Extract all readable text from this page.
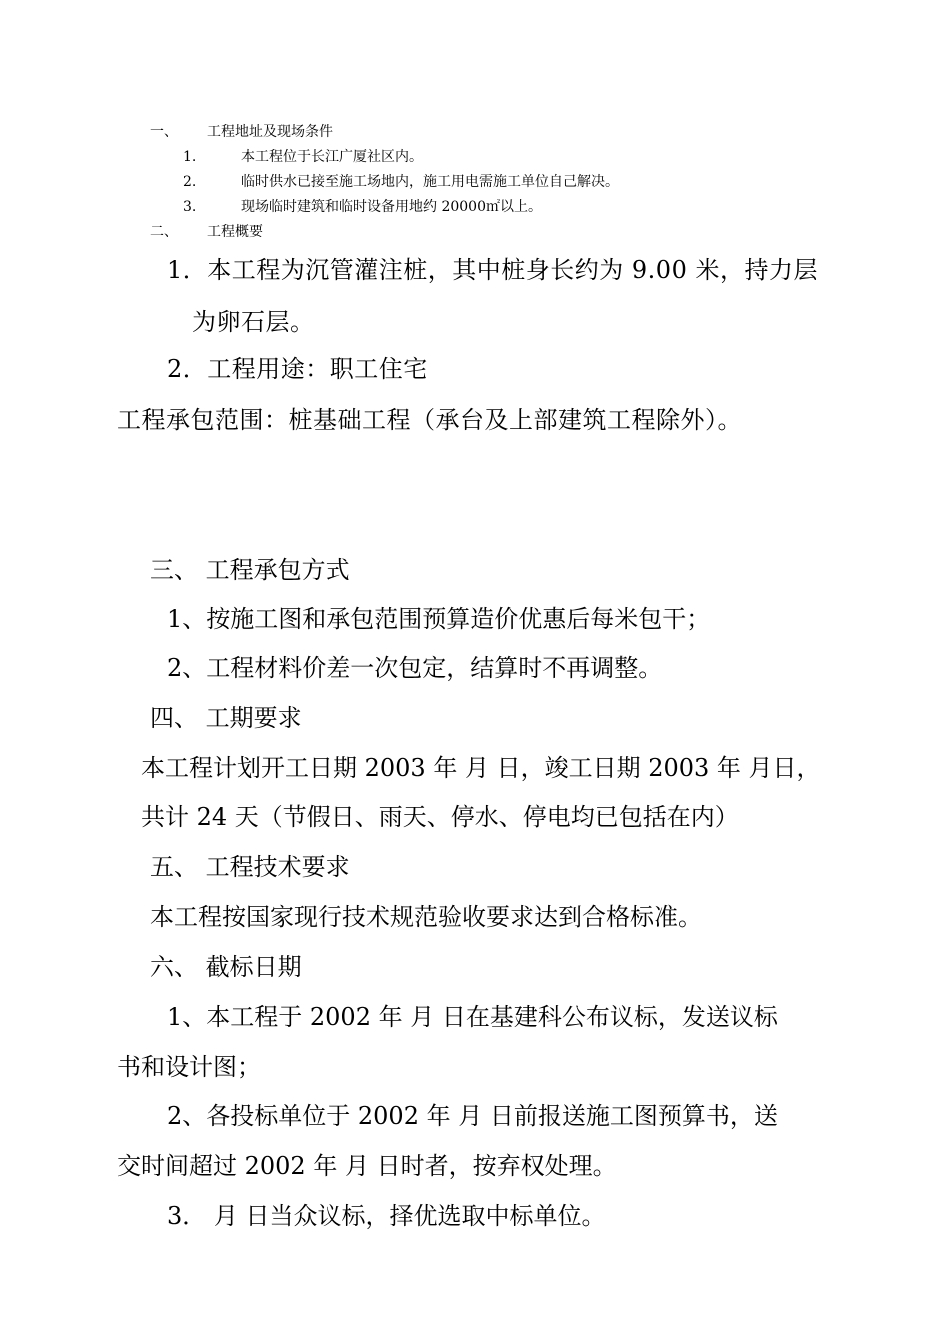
一、 工程地址及现场条件
1.	本工程位于长江广厦社区内。
2.	临时供水已接至施工场地内，施工用电需施工单位自己解决。
3.	现场临时建筑和临时设备用地约 20000㎡以上。
二、 工程概要
1．本工程为沉管灌注桩，其中桩身长约为 9.00 米，持力层
为卵石层。
2．工程用途：职工住宅
工程承包范围：桩基础工程（承台及上部建筑工程除外）。
三、 工程承包方式
1、按施工图和承包范围预算造价优惠后每米包干；
2、工程材料价差一次包定，结算时不再调整。
四、 工期要求
本工程计划开工日期 2003 年 月 日，竣工日期 2003 年 月日，
共计 24 天（节假日、雨天、停水、停电均已包括在内）
五、 工程技术要求
本工程按国家现行技术规范验收要求达到合格标准。
六、 截标日期
1、本工程于 2002 年 月 日在基建科公布议标，发送议标
书和设计图；
2、各投标单位于 2002 年 月 日前报送施工图预算书，送
交时间超过 2002 年 月 日时者，按弃权处理。
3． 月 日当众议标，择优选取中标单位。
